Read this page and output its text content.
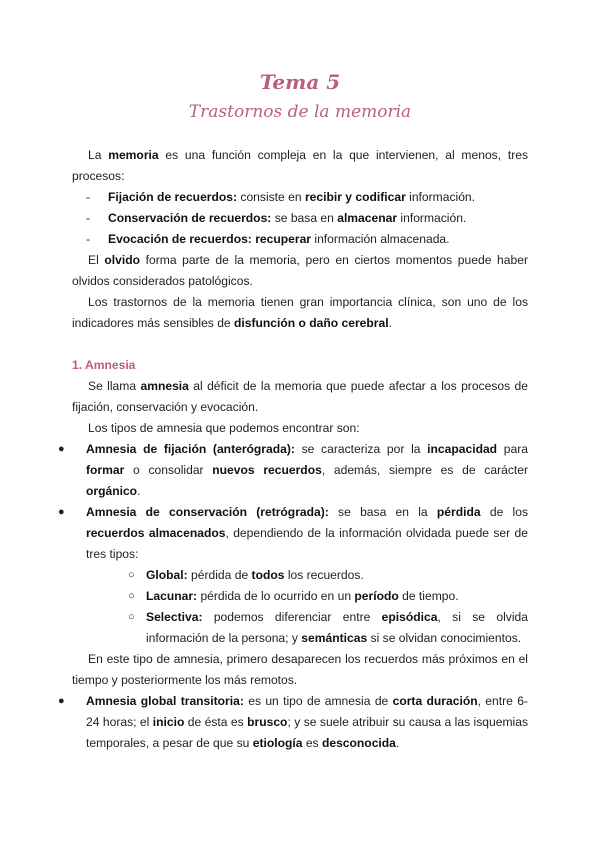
Tema 5
Trastornos de la memoria

La memoria es una función compleja en la que intervienen, al menos, tres procesos:

- Fijación de recuerdos: consiste en recibir y codificar información.
- Conservación de recuerdos: se basa en almacenar información.
- Evocación de recuerdos: recuperar información almacenada.

El olvido forma parte de la memoria, pero en ciertos momentos puede haber olvidos considerados patológicos.

Los trastornos de la memoria tienen gran importancia clínica, son uno de los indicadores más sensibles de disfunción o daño cerebral.

1. Amnesia

Se llama amnesia al déficit de la memoria que puede afectar a los procesos de fijación, conservación y evocación.

Los tipos de amnesia que podemos encontrar son:

● Amnesia de fijación (anterógrada): se caracteriza por la incapacidad para formar o consolidar nuevos recuerdos, además, siempre es de carácter orgánico.
● Amnesia de conservación (retrógrada): se basa en la pérdida de los recuerdos almacenados, dependiendo de la información olvidada puede ser de tres tipos:
○ Global: pérdida de todos los recuerdos.
○ Lacunar: pérdida de lo ocurrido en un período de tiempo.
○ Selectiva: podemos diferenciar entre episódica, si se olvida información de la persona; y semánticas si se olvidan conocimientos.

En este tipo de amnesia, primero desaparecen los recuerdos más próximos en el tiempo y posteriormente los más remotos.

● Amnesia global transitoria: es un tipo de amnesia de corta duración, entre 6-24 horas; el inicio de ésta es brusco; y se suele atribuir su causa a las isquemias temporales, a pesar de que su etiología es desconocida.
